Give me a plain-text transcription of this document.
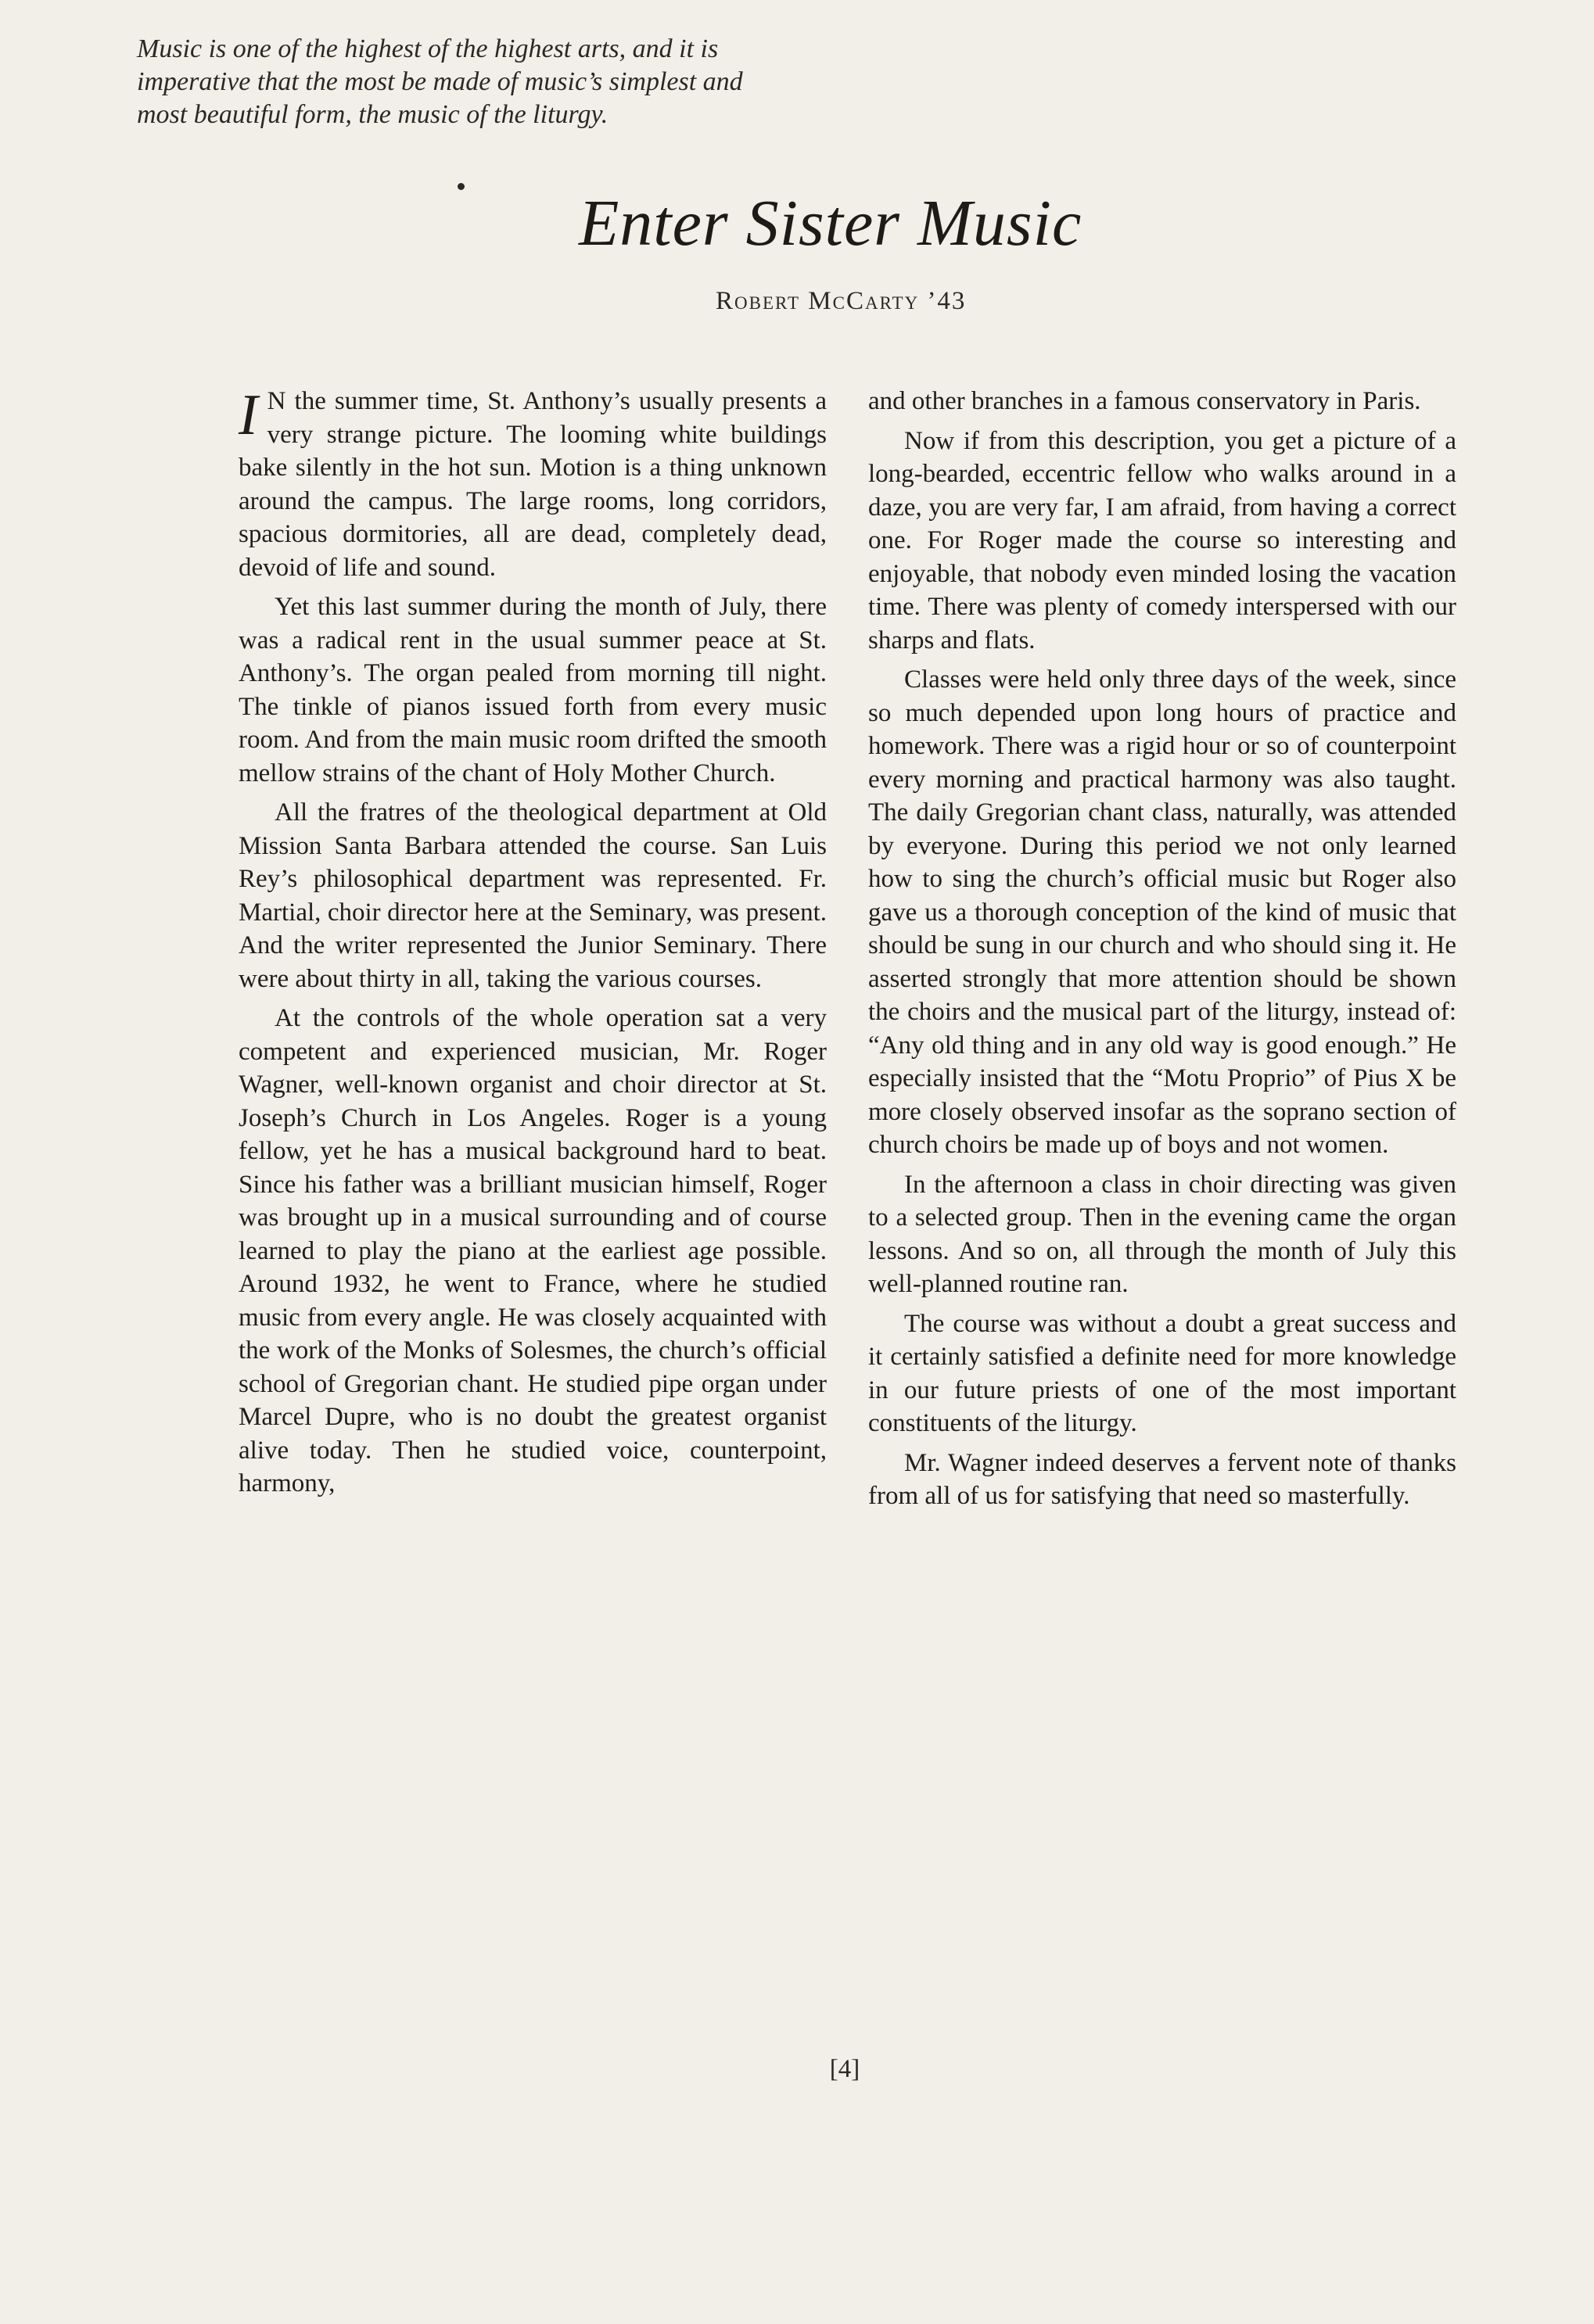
Music is one of the highest of the highest arts, and it is imperative that the most be made of music’s simplest and most beautiful form, the music of the liturgy.
Enter Sister Music
Robert McCarty ’43

I N the summer time, St. Anthony’s usually presents a very strange picture. The looming white buildings bake silently in the hot sun. Motion is a thing unknown around the campus. The large rooms, long corridors, spacious dormitories, all are dead, completely dead, devoid of life and sound.

Yet this last summer during the month of July, there was a radical rent in the usual summer peace at St. Anthony’s. The organ pealed from morning till night. The tinkle of pianos issued forth from every music room. And from the main music room drifted the smooth mellow strains of the chant of Holy Mother Church.

All the fratres of the theological department at Old Mission Santa Barbara attended the course. San Luis Rey’s philosophical department was represented. Fr. Martial, choir director here at the Seminary, was present. And the writer represented the Junior Seminary. There were about thirty in all, taking the various courses.

At the controls of the whole operation sat a very competent and experienced musician, Mr. Roger Wagner, well-known organist and choir director at St. Joseph’s Church in Los Angeles. Roger is a young fellow, yet he has a musical background hard to beat. Since his father was a brilliant musician himself, Roger was brought up in a musical surrounding and of course learned to play the piano at the earliest age possible. Around 1932, he went to France, where he studied music from every angle. He was closely acquainted with the work of the Monks of Solesmes, the church’s official school of Gregorian chant. He studied pipe organ under Marcel Dupre, who is no doubt the greatest organist alive today. Then he studied voice, counterpoint, harmony,

and other branches in a famous conservatory in Paris.

Now if from this description, you get a picture of a long-bearded, eccentric fellow who walks around in a daze, you are very far, I am afraid, from having a correct one. For Roger made the course so interesting and enjoyable, that nobody even minded losing the vacation time. There was plenty of comedy interspersed with our sharps and flats.

Classes were held only three days of the week, since so much depended upon long hours of practice and homework. There was a rigid hour or so of counterpoint every morning and practical harmony was also taught. The daily Gregorian chant class, naturally, was attended by everyone. During this period we not only learned how to sing the church’s official music but Roger also gave us a thorough conception of the kind of music that should be sung in our church and who should sing it. He asserted strongly that more attention should be shown the choirs and the musical part of the liturgy, instead of: “Any old thing and in any old way is good enough.” He especially insisted that the “Motu Proprio” of Pius X be more closely observed insofar as the soprano section of church choirs be made up of boys and not women.

In the afternoon a class in choir directing was given to a selected group. Then in the evening came the organ lessons. And so on, all through the month of July this well-planned routine ran.

The course was without a doubt a great success and it certainly satisfied a definite need for more knowledge in our future priests of one of the most important constituents of the liturgy.

Mr. Wagner indeed deserves a fervent note of thanks from all of us for satisfying that need so masterfully.

[4]
